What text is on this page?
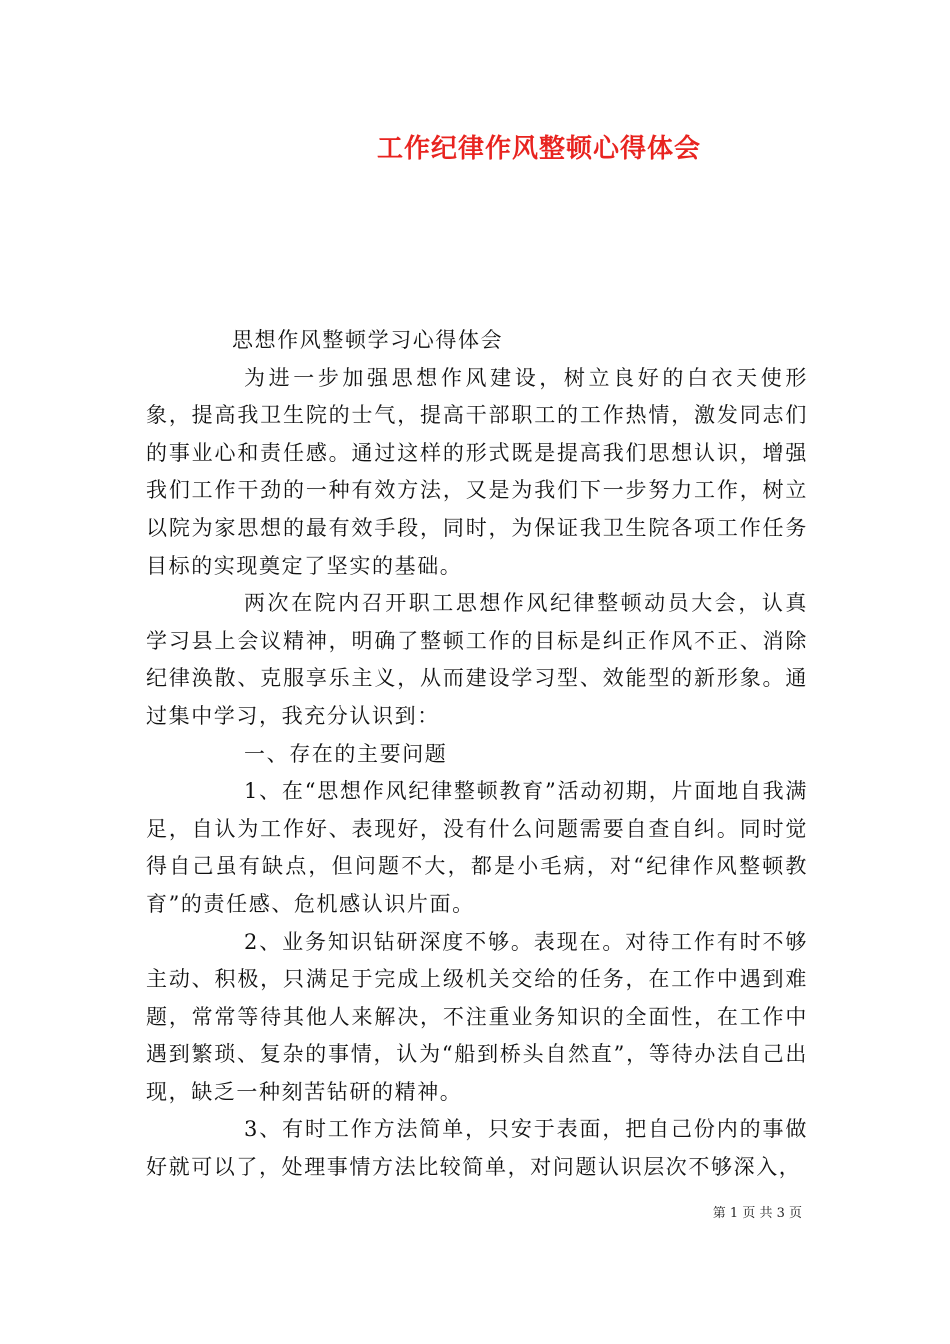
工作纪律作风整顿心得体会

思想作风整顿学习心得体会

为进一步加强思想作风建设，树立良好的白衣天使形象，提高我卫生院的士气，提高干部职工的工作热情，激发同志们的事业心和责任感。通过这样的形式既是提高我们思想认识，增强我们工作干劲的一种有效方法，又是为我们下一步努力工作，树立以院为家思想的最有效手段，同时，为保证我卫生院各项工作任务目标的实现奠定了坚实的基础。

两次在院内召开职工思想作风纪律整顿动员大会，认真学习县上会议精神，明确了整顿工作的目标是纠正作风不正、消除纪律涣散、克服享乐主义，从而建设学习型、效能型的新形象。通过集中学习，我充分认识到：

一、存在的主要问题

1、在“思想作风纪律整顿教育”活动初期，片面地自我满足，自认为工作好、表现好，没有什么问题需要自查自纠。同时觉得自己虽有缺点，但问题不大，都是小毛病，对“纪律作风整顿教育”的责任感、危机感认识片面。

2、业务知识钻研深度不够。表现在。对待工作有时不够主动、积极，只满足于完成上级机关交给的任务，在工作中遇到难题，常常等待其他人来解决，不注重业务知识的全面性，在工作中遇到繁琐、复杂的事情，认为“船到桥头自然直”，等待办法自己出现，缺乏一种刻苦钻研的精神。

3、有时工作方法简单，只安于表面，把自己份内的事做好就可以了，处理事情方法比较简单，对问题认识层次不够深入，

第 1 页 共 3 页
